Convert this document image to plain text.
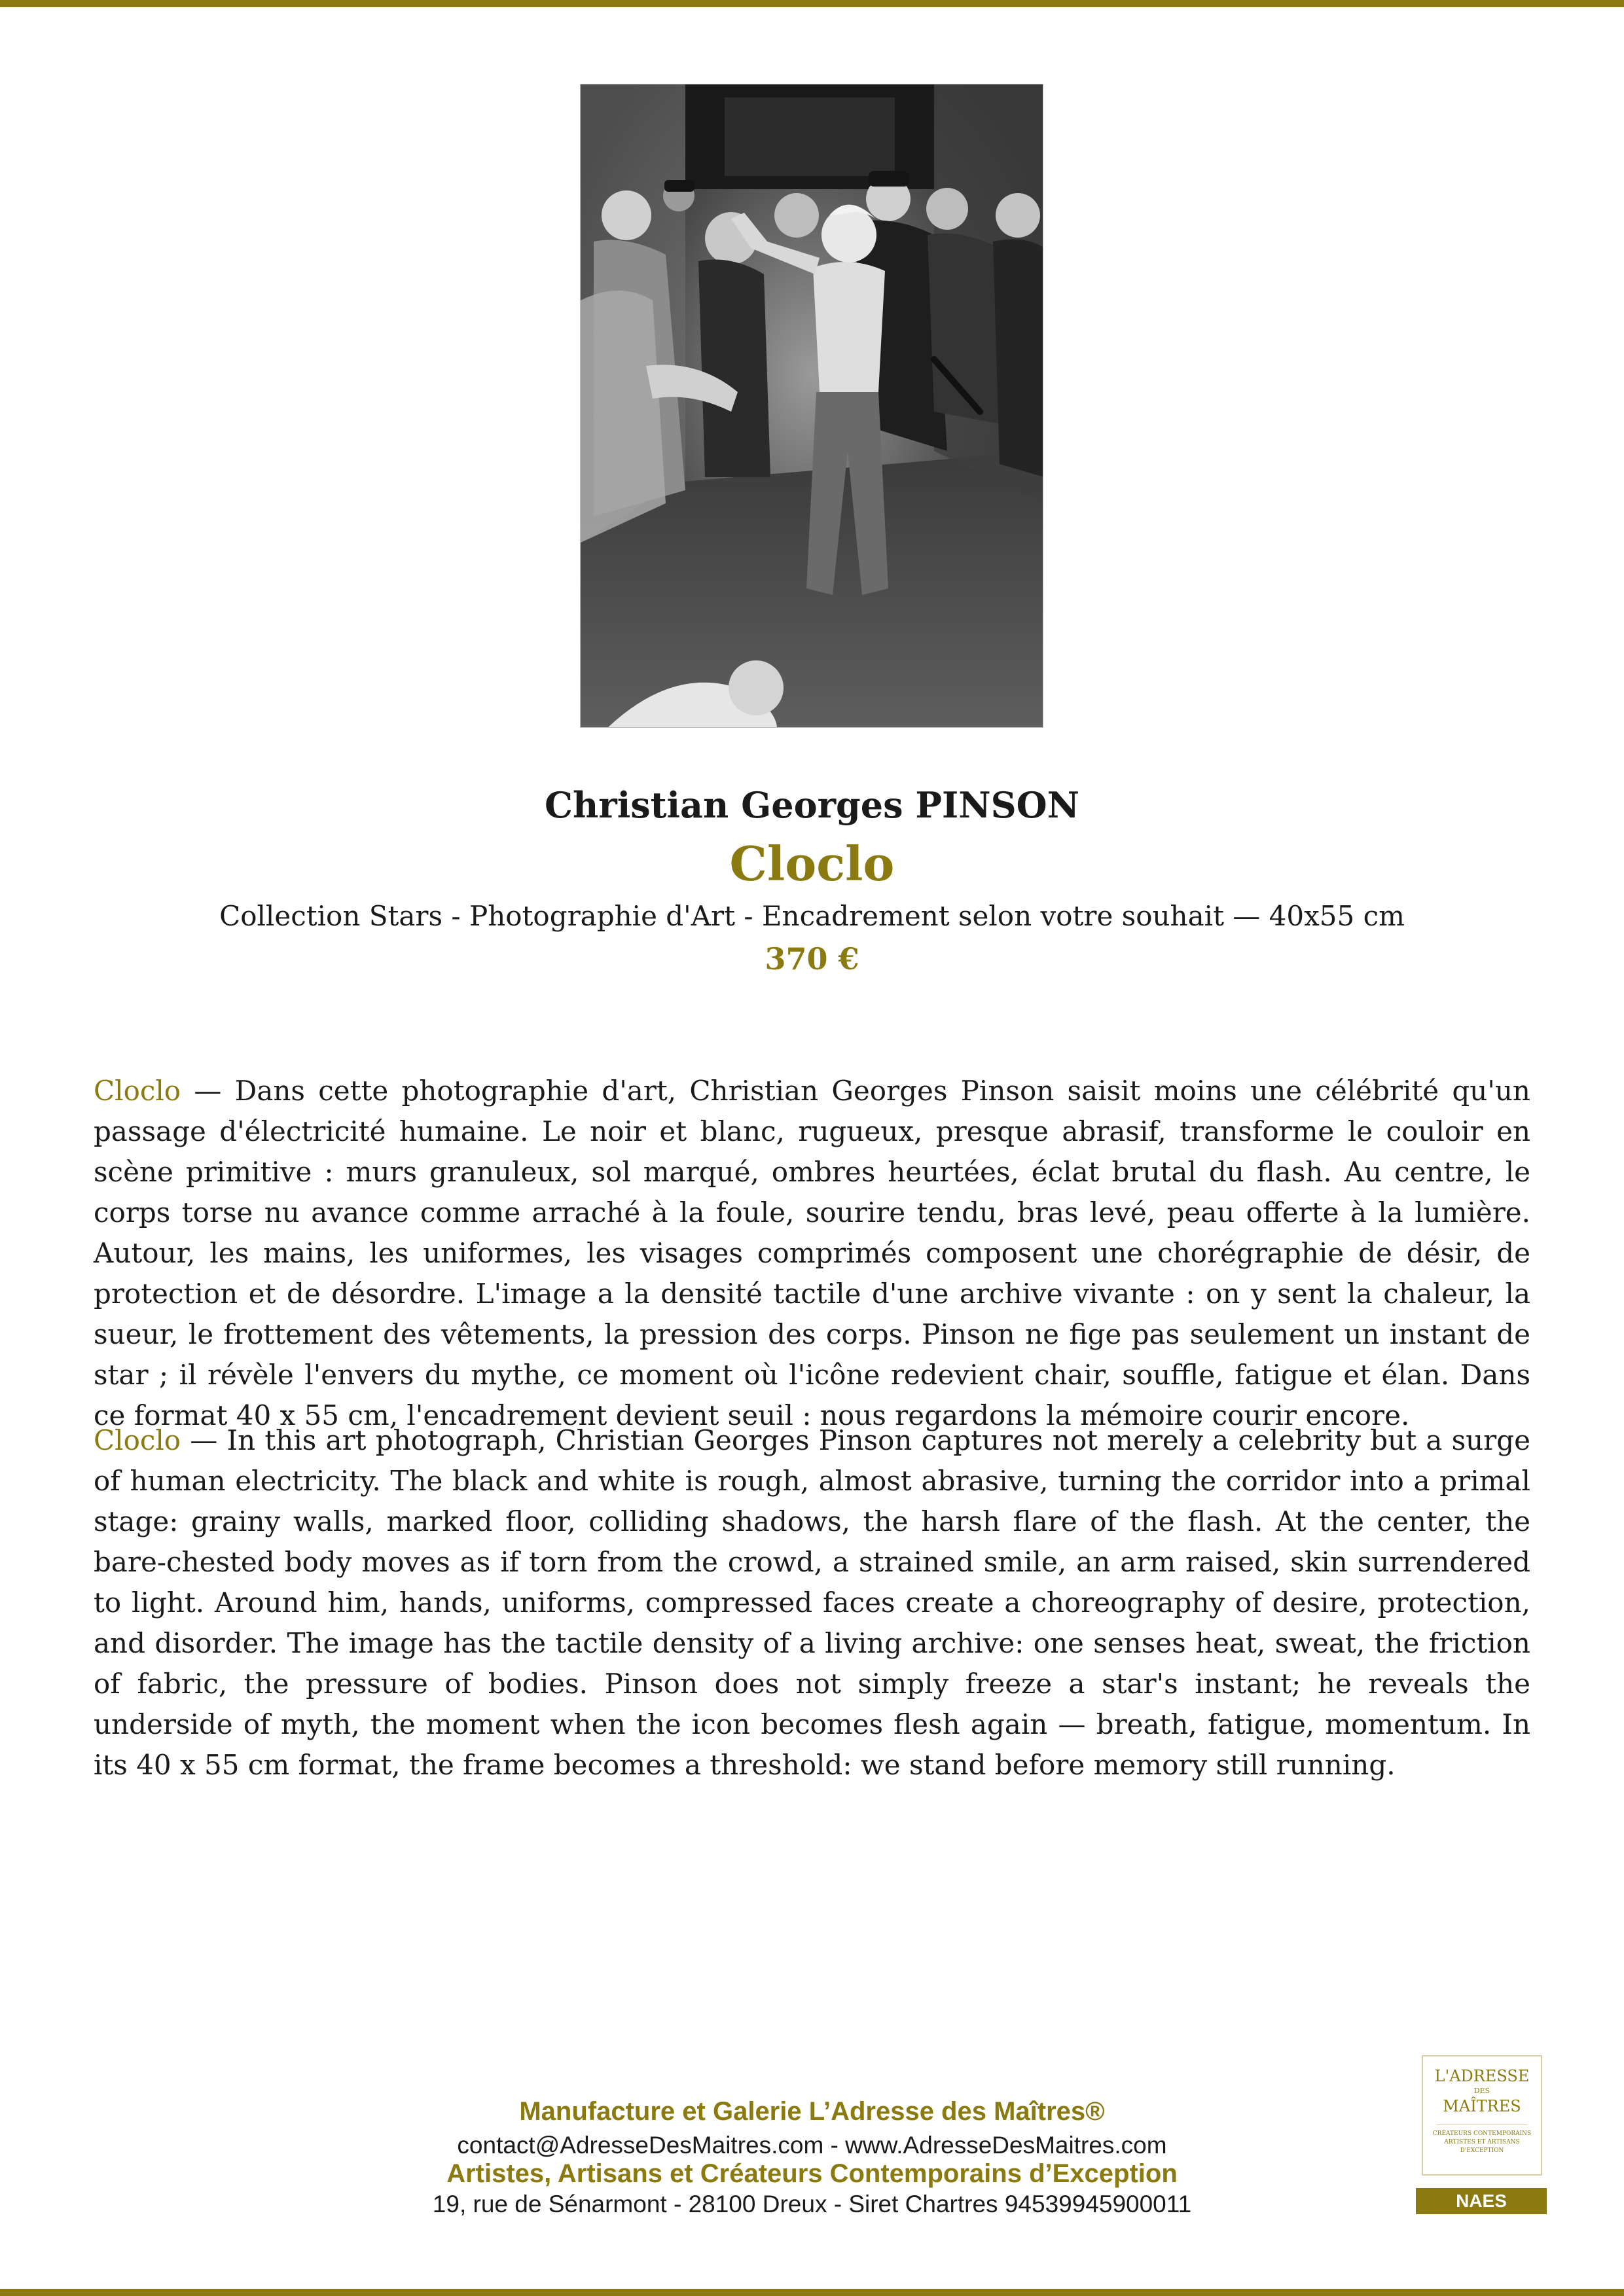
Christian Georges PINSON
Cloclo
Collection Stars - Photographie d'Art - Encadrement selon votre souhait — 40x55 cm
370 €

Cloclo — Dans cette photographie d'art, Christian Georges Pinson saisit moins une célébrité qu'un passage d'électricité humaine. Le noir et blanc, rugueux, presque abrasif, transforme le couloir en scène primitive : murs granuleux, sol marqué, ombres heurtées, éclat brutal du flash. Au centre, le corps torse nu avance comme arraché à la foule, sourire tendu, bras levé, peau offerte à la lumière. Autour, les mains, les uniformes, les visages comprimés composent une chorégraphie de désir, de protection et de désordre. L'image a la densité tactile d'une archive vivante : on y sent la chaleur, la sueur, le frottement des vêtements, la pression des corps. Pinson ne fige pas seulement un instant de star ; il révèle l'envers du mythe, ce moment où l'icône redevient chair, souffle, fatigue et élan. Dans ce format 40 x 55 cm, l'encadrement devient seuil : nous regardons la mémoire courir encore.

Cloclo — In this art photograph, Christian Georges Pinson captures not merely a celebrity but a surge of human electricity. The black and white is rough, almost abrasive, turning the corridor into a primal stage: grainy walls, marked floor, colliding shadows, the harsh flare of the flash. At the center, the bare-chested body moves as if torn from the crowd, a strained smile, an arm raised, skin surrendered to light. Around him, hands, uniforms, compressed faces create a choreography of desire, protection, and disorder. The image has the tactile density of a living archive: one senses heat, sweat, the friction of fabric, the pressure of bodies. Pinson does not simply freeze a star's instant; he reveals the underside of myth, the moment when the icon becomes flesh again — breath, fatigue, momentum. In its 40 x 55 cm format, the frame becomes a threshold: we stand before memory still running.

Manufacture et Galerie L’Adresse des Maîtres®
contact@AdresseDesMaitres.com - www.AdresseDesMaitres.com
Artistes, Artisans et Créateurs Contemporains d’Exception
19, rue de Sénarmont - 28100 Dreux - Siret Chartres 94539945900011
L'ADRESSE
DES
MAÎTRES
CRÉATEURS CONTEMPORAINS ARTISTES ET ARTISANS D'EXCEPTION
NAES
